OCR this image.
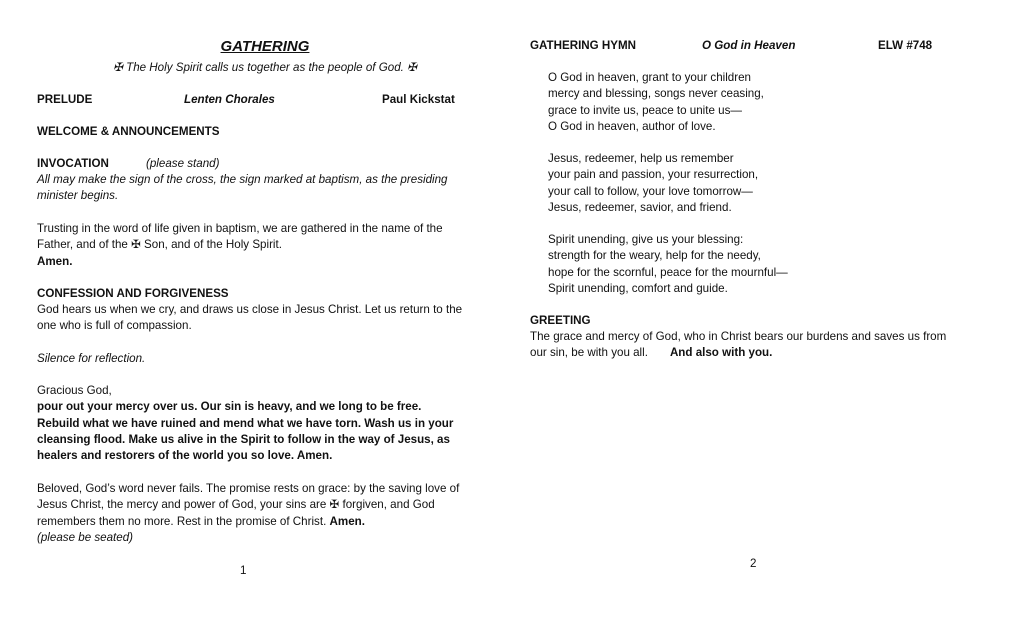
GATHERING
✠ The Holy Spirit calls us together as the people of God. ✠
PRELUDE	Lenten Chorales	Paul Kickstat
WELCOME & ANNOUNCEMENTS
INVOCATION	(please stand)
All may make the sign of the cross, the sign marked at baptism, as the presiding
minister begins.
Trusting in the word of life given in baptism, we are gathered in the name of the
Father, and of the ✠ Son, and of the Holy Spirit.
Amen.
CONFESSION AND FORGIVENESS
God hears us when we cry, and draws us close in Jesus Christ. Let us return to the
one who is full of compassion.
Silence for reflection.
Gracious God,
pour out your mercy over us. Our sin is heavy, and we long to be free.
Rebuild what we have ruined and mend what we have torn. Wash us in your
cleansing flood. Make us alive in the Spirit to follow in the way of Jesus, as
healers and restorers of the world you so love. Amen.
Beloved, God’s word never fails. The promise rests on grace: by the saving love of
Jesus Christ, the mercy and power of God, your sins are ✠ forgiven, and God
remembers them no more. Rest in the promise of Christ. Amen.
(please be seated)
1
GATHERING HYMN	O God in Heaven	ELW #748
O God in heaven, grant to your children
mercy and blessing, songs never ceasing,
grace to invite us, peace to unite us—
O God in heaven, author of love.
Jesus, redeemer, help us remember
your pain and passion, your resurrection,
your call to follow, your love tomorrow—
Jesus, redeemer, savior, and friend.
Spirit unending, give us your blessing:
strength for the weary, help for the needy,
hope for the scornful, peace for the mournful—
Spirit unending, comfort and guide.
GREETING
The grace and mercy of God, who in Christ bears our burdens and saves us from
our sin, be with you all. And also with you.
2
